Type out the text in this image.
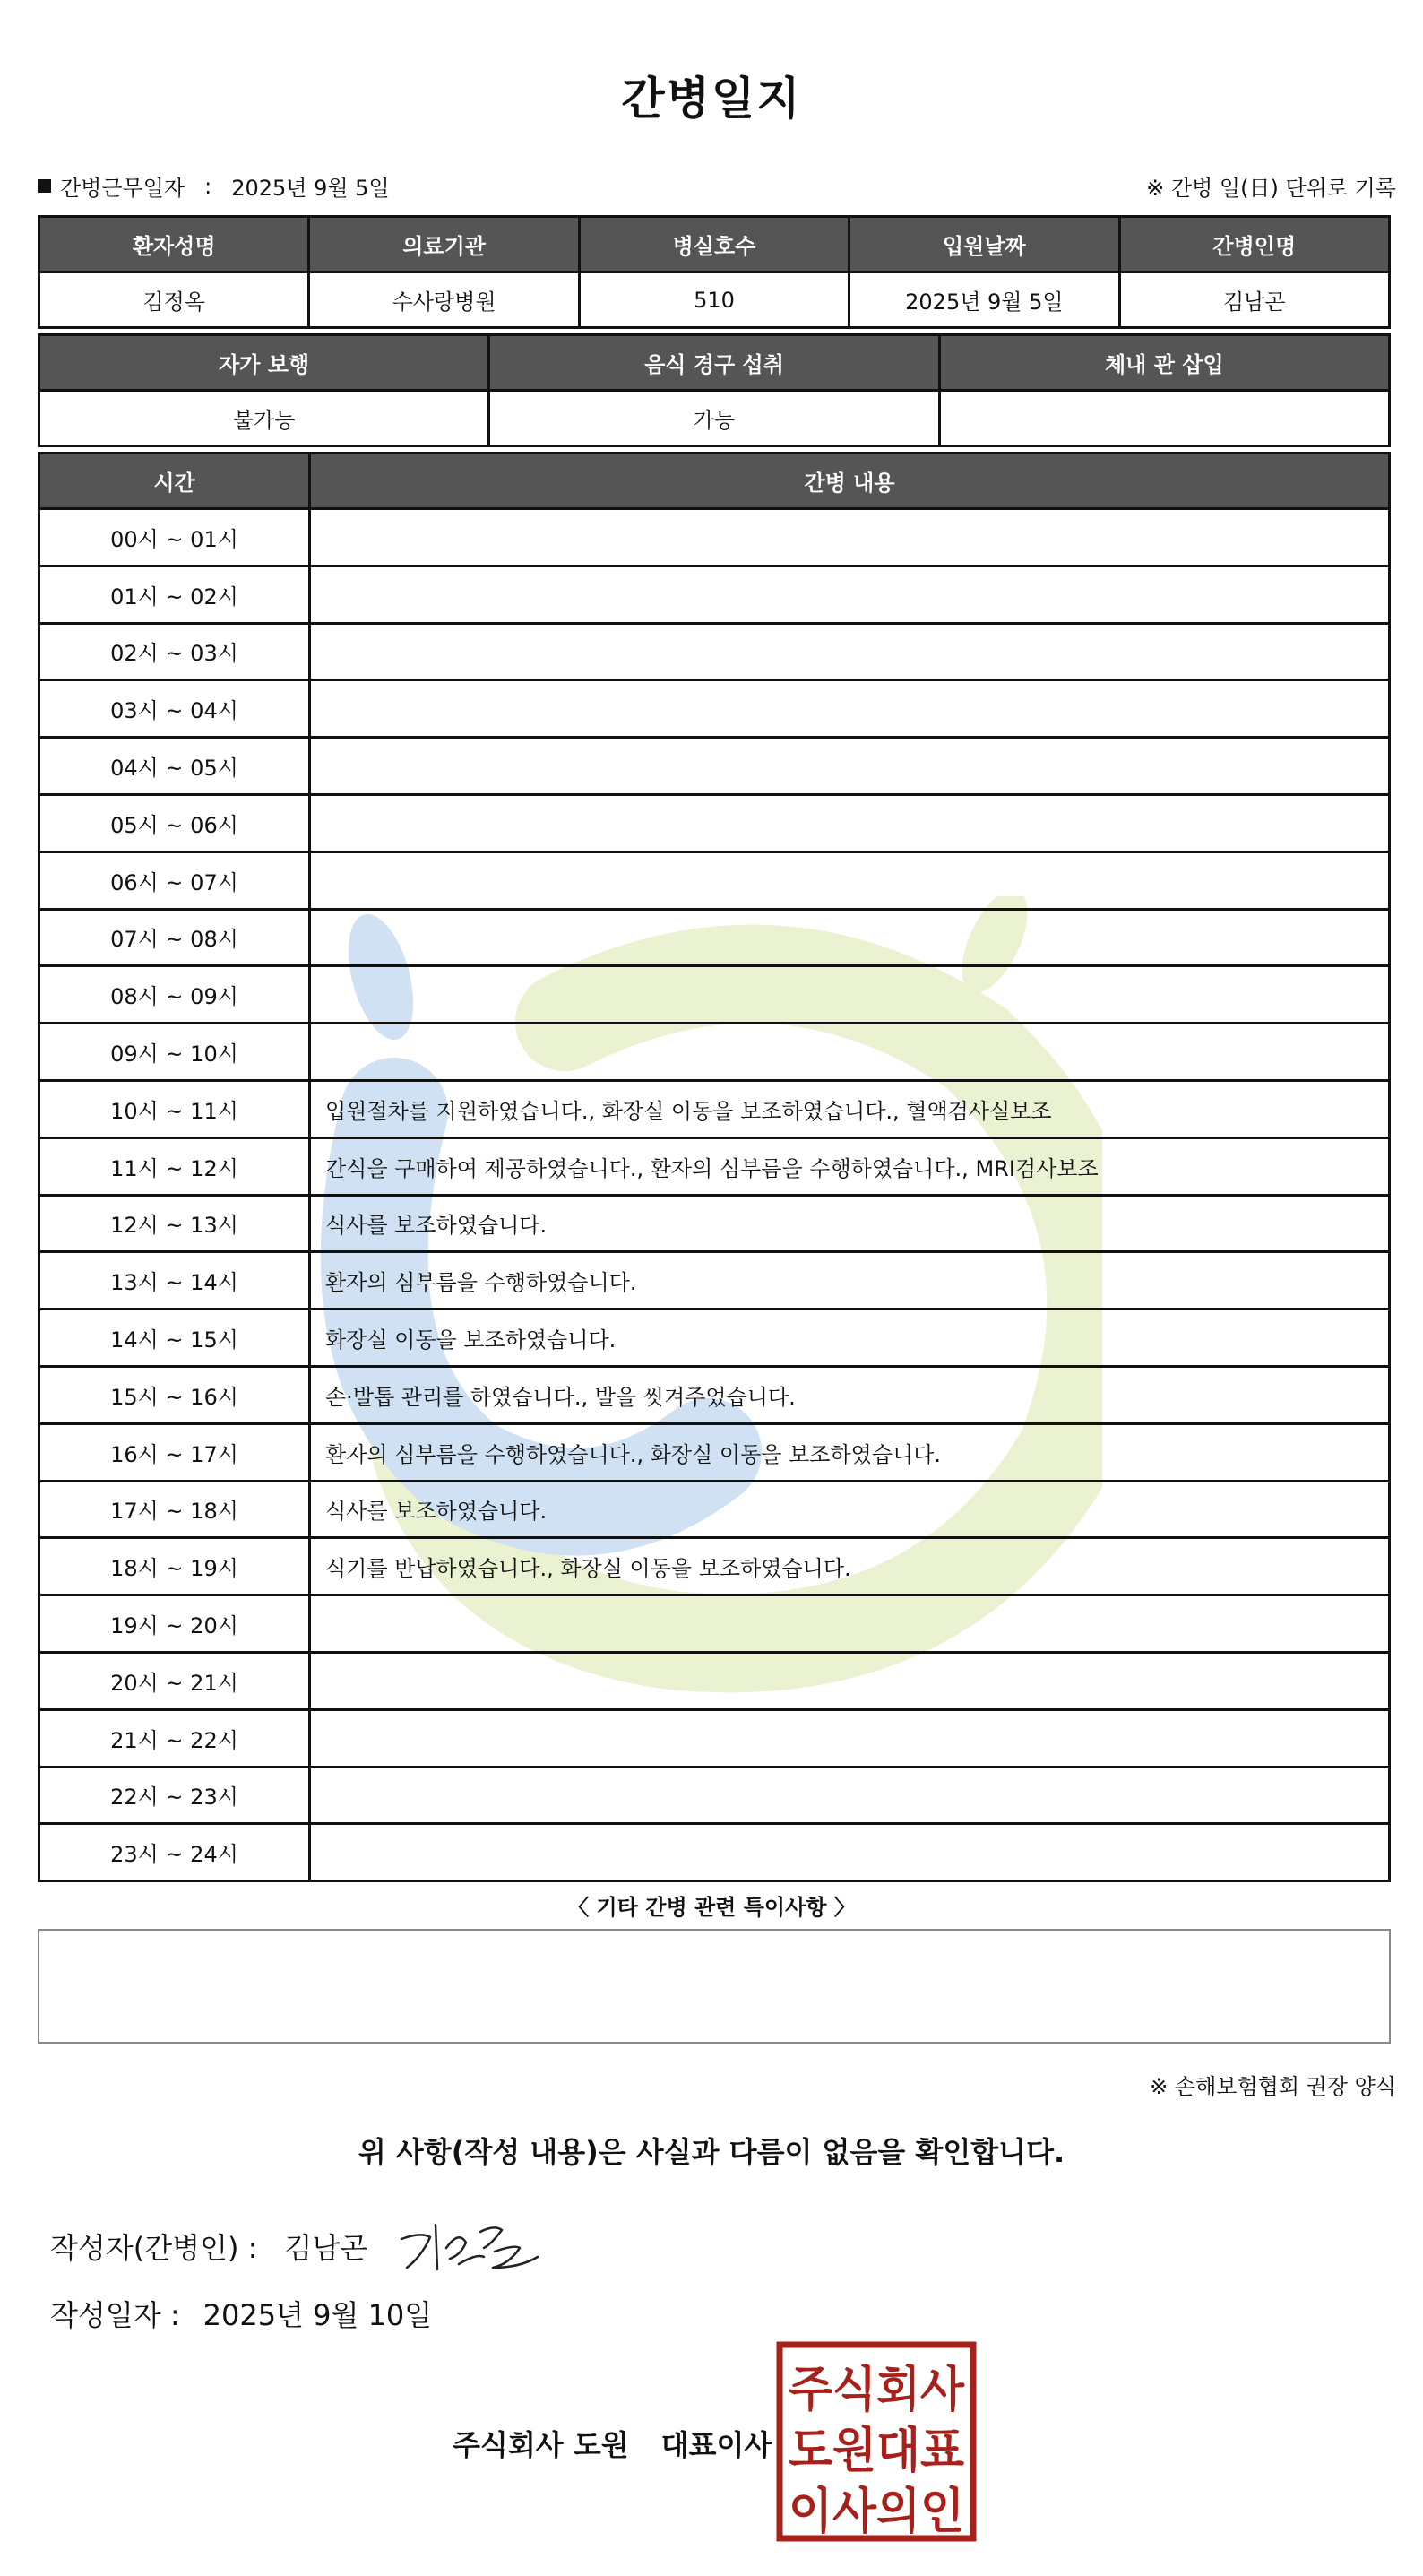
간병일지
간병근무일자 : 2025년 9월 5일	※ 간병 일(日) 단위로 기록
환자성명	의료기관	병실호수	입원날짜	간병인명
김정옥	수사랑병원	510	2025년 9월 5일	김남곤
자가 보행	음식 경구 섭취	체내 관 삽입
불가능	가능	
시간	간병 내용
00시 ~ 01시	
01시 ~ 02시	
02시 ~ 03시	
03시 ~ 04시	
04시 ~ 05시	
05시 ~ 06시	
06시 ~ 07시	
07시 ~ 08시	
08시 ~ 09시	
09시 ~ 10시	
10시 ~ 11시	입원절차를 지원하였습니다., 화장실 이동을 보조하였습니다., 혈액검사실보조
11시 ~ 12시	간식을 구매하여 제공하였습니다., 환자의 심부름을 수행하였습니다., MRI검사보조
12시 ~ 13시	식사를 보조하였습니다.
13시 ~ 14시	환자의 심부름을 수행하였습니다.
14시 ~ 15시	화장실 이동을 보조하였습니다.
15시 ~ 16시	손·발톱 관리를 하였습니다., 발을 씻겨주었습니다.
16시 ~ 17시	환자의 심부름을 수행하였습니다., 화장실 이동을 보조하였습니다.
17시 ~ 18시	식사를 보조하였습니다.
18시 ~ 19시	식기를 반납하였습니다., 화장실 이동을 보조하였습니다.
19시 ~ 20시	
20시 ~ 21시	
21시 ~ 22시	
22시 ~ 23시	
23시 ~ 24시	
〈 기타 간병 관련 특이사항 〉
※ 손해보험협회 권장 양식
위 사항(작성 내용)은 사실과 다름이 없음을 확인합니다.
작성자(간병인) : 김남곤
작성일자 : 2025년 9월 10일
주식회사 도원 대표이사
주식회사
도원대표
이사의인
